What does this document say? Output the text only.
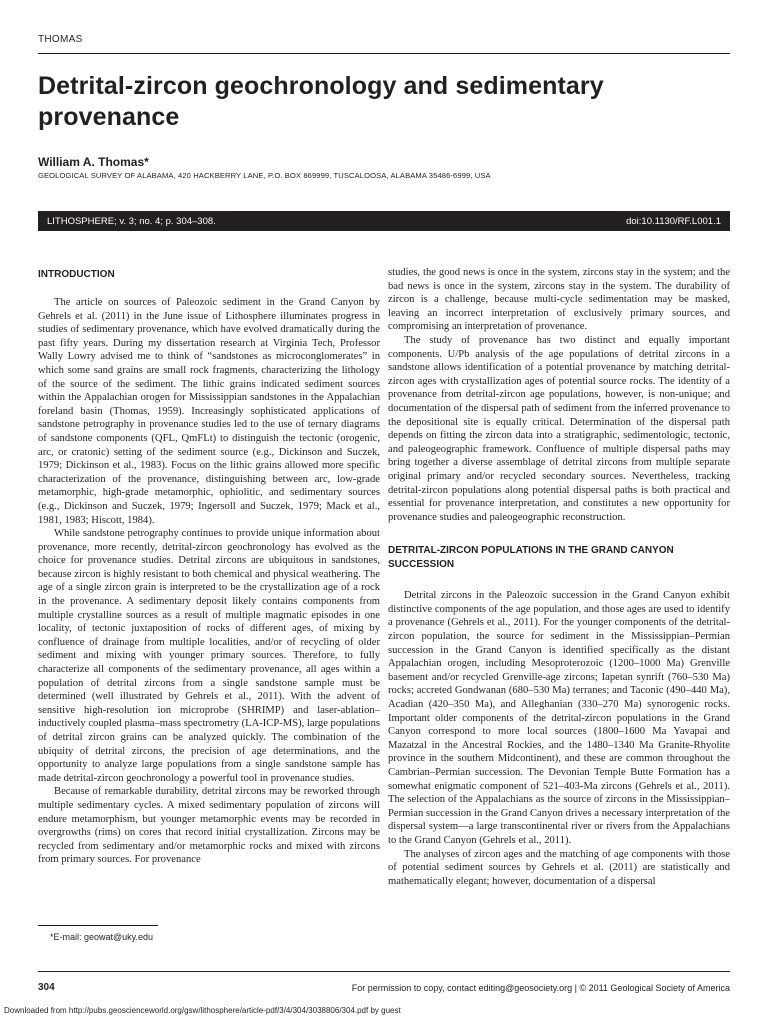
THOMAS
Detrital-zircon geochronology and sedimentary provenance
William A. Thomas*
GEOLOGICAL SURVEY OF ALABAMA, 420 HACKBERRY LANE, P.O. BOX 869999, TUSCALOOSA, ALABAMA 35486-6999, USA
LITHOSPHERE; v. 3; no. 4; p. 304–308.	doi:10.1130/RF.L001.1
INTRODUCTION

The article on sources of Paleozoic sediment in the Grand Canyon by Gehrels et al. (2011) in the June issue of Lithosphere illuminates progress in studies of sedimentary provenance, which have evolved dramatically during the past fifty years. During my dissertation research at Virginia Tech, Professor Wally Lowry advised me to think of “sandstones as microconglomerates” in which some sand grains are small rock fragments, characterizing the lithology of the source of the sediment. The lithic grains indicated sediment sources within the Appalachian orogen for Mississippian sandstones in the Appalachian foreland basin (Thomas, 1959). Increasingly sophisticated applications of sandstone petrography in provenance studies led to the use of ternary diagrams of sandstone components (QFL, QmFLt) to distinguish the tectonic (orogenic, arc, or cratonic) setting of the sediment source (e.g., Dickinson and Suczek, 1979; Dickinson et al., 1983). Focus on the lithic grains allowed more specific characterization of the provenance, distinguishing between arc, low-grade metamorphic, high-grade metamorphic, ophiolitic, and sedimentary sources (e.g., Dickinson and Suczek, 1979; Ingersoll and Suczek, 1979; Mack et al., 1981, 1983; Hiscott, 1984).

While sandstone petrography continues to provide unique information about provenance, more recently, detrital-zircon geochronology has evolved as the choice for provenance studies. Detrital zircons are ubiquitous in sandstones, because zircon is highly resistant to both chemical and physical weathering. The age of a single zircon grain is interpreted to be the crystallization age of a rock in the provenance. A sedimentary deposit likely contains components from multiple crystalline sources as a result of multiple magmatic episodes in one locality, of tectonic juxtaposition of rocks of different ages, of mixing by confluence of drainage from multiple localities, and/or of recycling of older sediment and mixing with younger primary sources. Therefore, to fully characterize all components of the sedimentary provenance, all ages within a population of detrital zircons from a single sandstone sample must be determined (well illustrated by Gehrels et al., 2011). With the advent of sensitive high-resolution ion microprobe (SHRIMP) and laser-ablation–inductively coupled plasma–mass spectrometry (LA-ICP-MS), large populations of detrital zircon grains can be analyzed quickly. The combination of the ubiquity of detrital zircons, the precision of age determinations, and the opportunity to analyze large populations from a single sandstone sample has made detrital-zircon geochronology a powerful tool in provenance studies.

Because of remarkable durability, detrital zircons may be reworked through multiple sedimentary cycles. A mixed sedimentary population of zircons will endure metamorphism, but younger metamorphic events may be recorded in overgrowths (rims) on cores that record initial crystallization. Zircons may be recycled from sedimentary and/or metamorphic rocks and mixed with zircons from primary sources. For provenance

studies, the good news is once in the system, zircons stay in the system; and the bad news is once in the system, zircons stay in the system. The durability of zircon is a challenge, because multi-cycle sedimentation may be masked, leaving an incorrect interpretation of exclusively primary sources, and compromising an interpretation of provenance.

The study of provenance has two distinct and equally important components. U/Pb analysis of the age populations of detrital zircons in a sandstone allows identification of a potential provenance by matching detrital-zircon ages with crystallization ages of potential source rocks. The identity of a provenance from detrital-zircon age populations, however, is non-unique; and documentation of the dispersal path of sediment from the inferred provenance to the depositional site is equally critical. Determination of the dispersal path depends on fitting the zircon data into a stratigraphic, sedimentologic, tectonic, and paleogeographic framework. Confluence of multiple dispersal paths may bring together a diverse assemblage of detrital zircons from multiple separate original primary and/or recycled secondary sources. Nevertheless, tracking detrital-zircon populations along potential dispersal paths is both practical and essential for provenance interpretation, and constitutes a new opportunity for provenance studies and paleogeographic reconstruction.

DETRITAL-ZIRCON POPULATIONS IN THE GRAND CANYON SUCCESSION

Detrital zircons in the Paleozoic succession in the Grand Canyon exhibit distinctive components of the age population, and those ages are used to identify a provenance (Gehrels et al., 2011). For the younger components of the detrital-zircon population, the source for sediment in the Mississippian–Permian succession in the Grand Canyon is identified specifically as the distant Appalachian orogen, including Mesoproterozoic (1200–1000 Ma) Grenville basement and/or recycled Grenville-age zircons; Iapetan synrift (760–530 Ma) rocks; accreted Gondwanan (680–530 Ma) terranes; and Taconic (490–440 Ma), Acadian (420–350 Ma), and Alleghanian (330–270 Ma) synorogenic rocks. Important older components of the detrital-zircon populations in the Grand Canyon correspond to more local sources (1800–1600 Ma Yavapai and Mazatzal in the Ancestral Rockies, and the 1480–1340 Ma Granite-Rhyolite province in the southern Midcontinent), and these are common throughout the Cambrian–Permian succession. The Devonian Temple Butte Formation has a somewhat enigmatic component of 521–403-Ma zircons (Gehrels et al., 2011). The selection of the Appalachians as the source of zircons in the Mississippian–Permian succession in the Grand Canyon drives a necessary interpretation of the dispersal system—a large transcontinental river or rivers from the Appalachians to the Grand Canyon (Gehrels et al., 2011).

The analyses of zircon ages and the matching of age components with those of potential sediment sources by Gehrels et al. (2011) are statistically and mathematically elegant; however, documentation of a dispersal

*E-mail: geowat@uky.edu
304	For permission to copy, contact editing@geosociety.org | © 2011 Geological Society of America
Downloaded from http://pubs.geoscienceworld.org/gsw/lithosphere/article-pdf/3/4/304/3038806/304.pdf by guest
